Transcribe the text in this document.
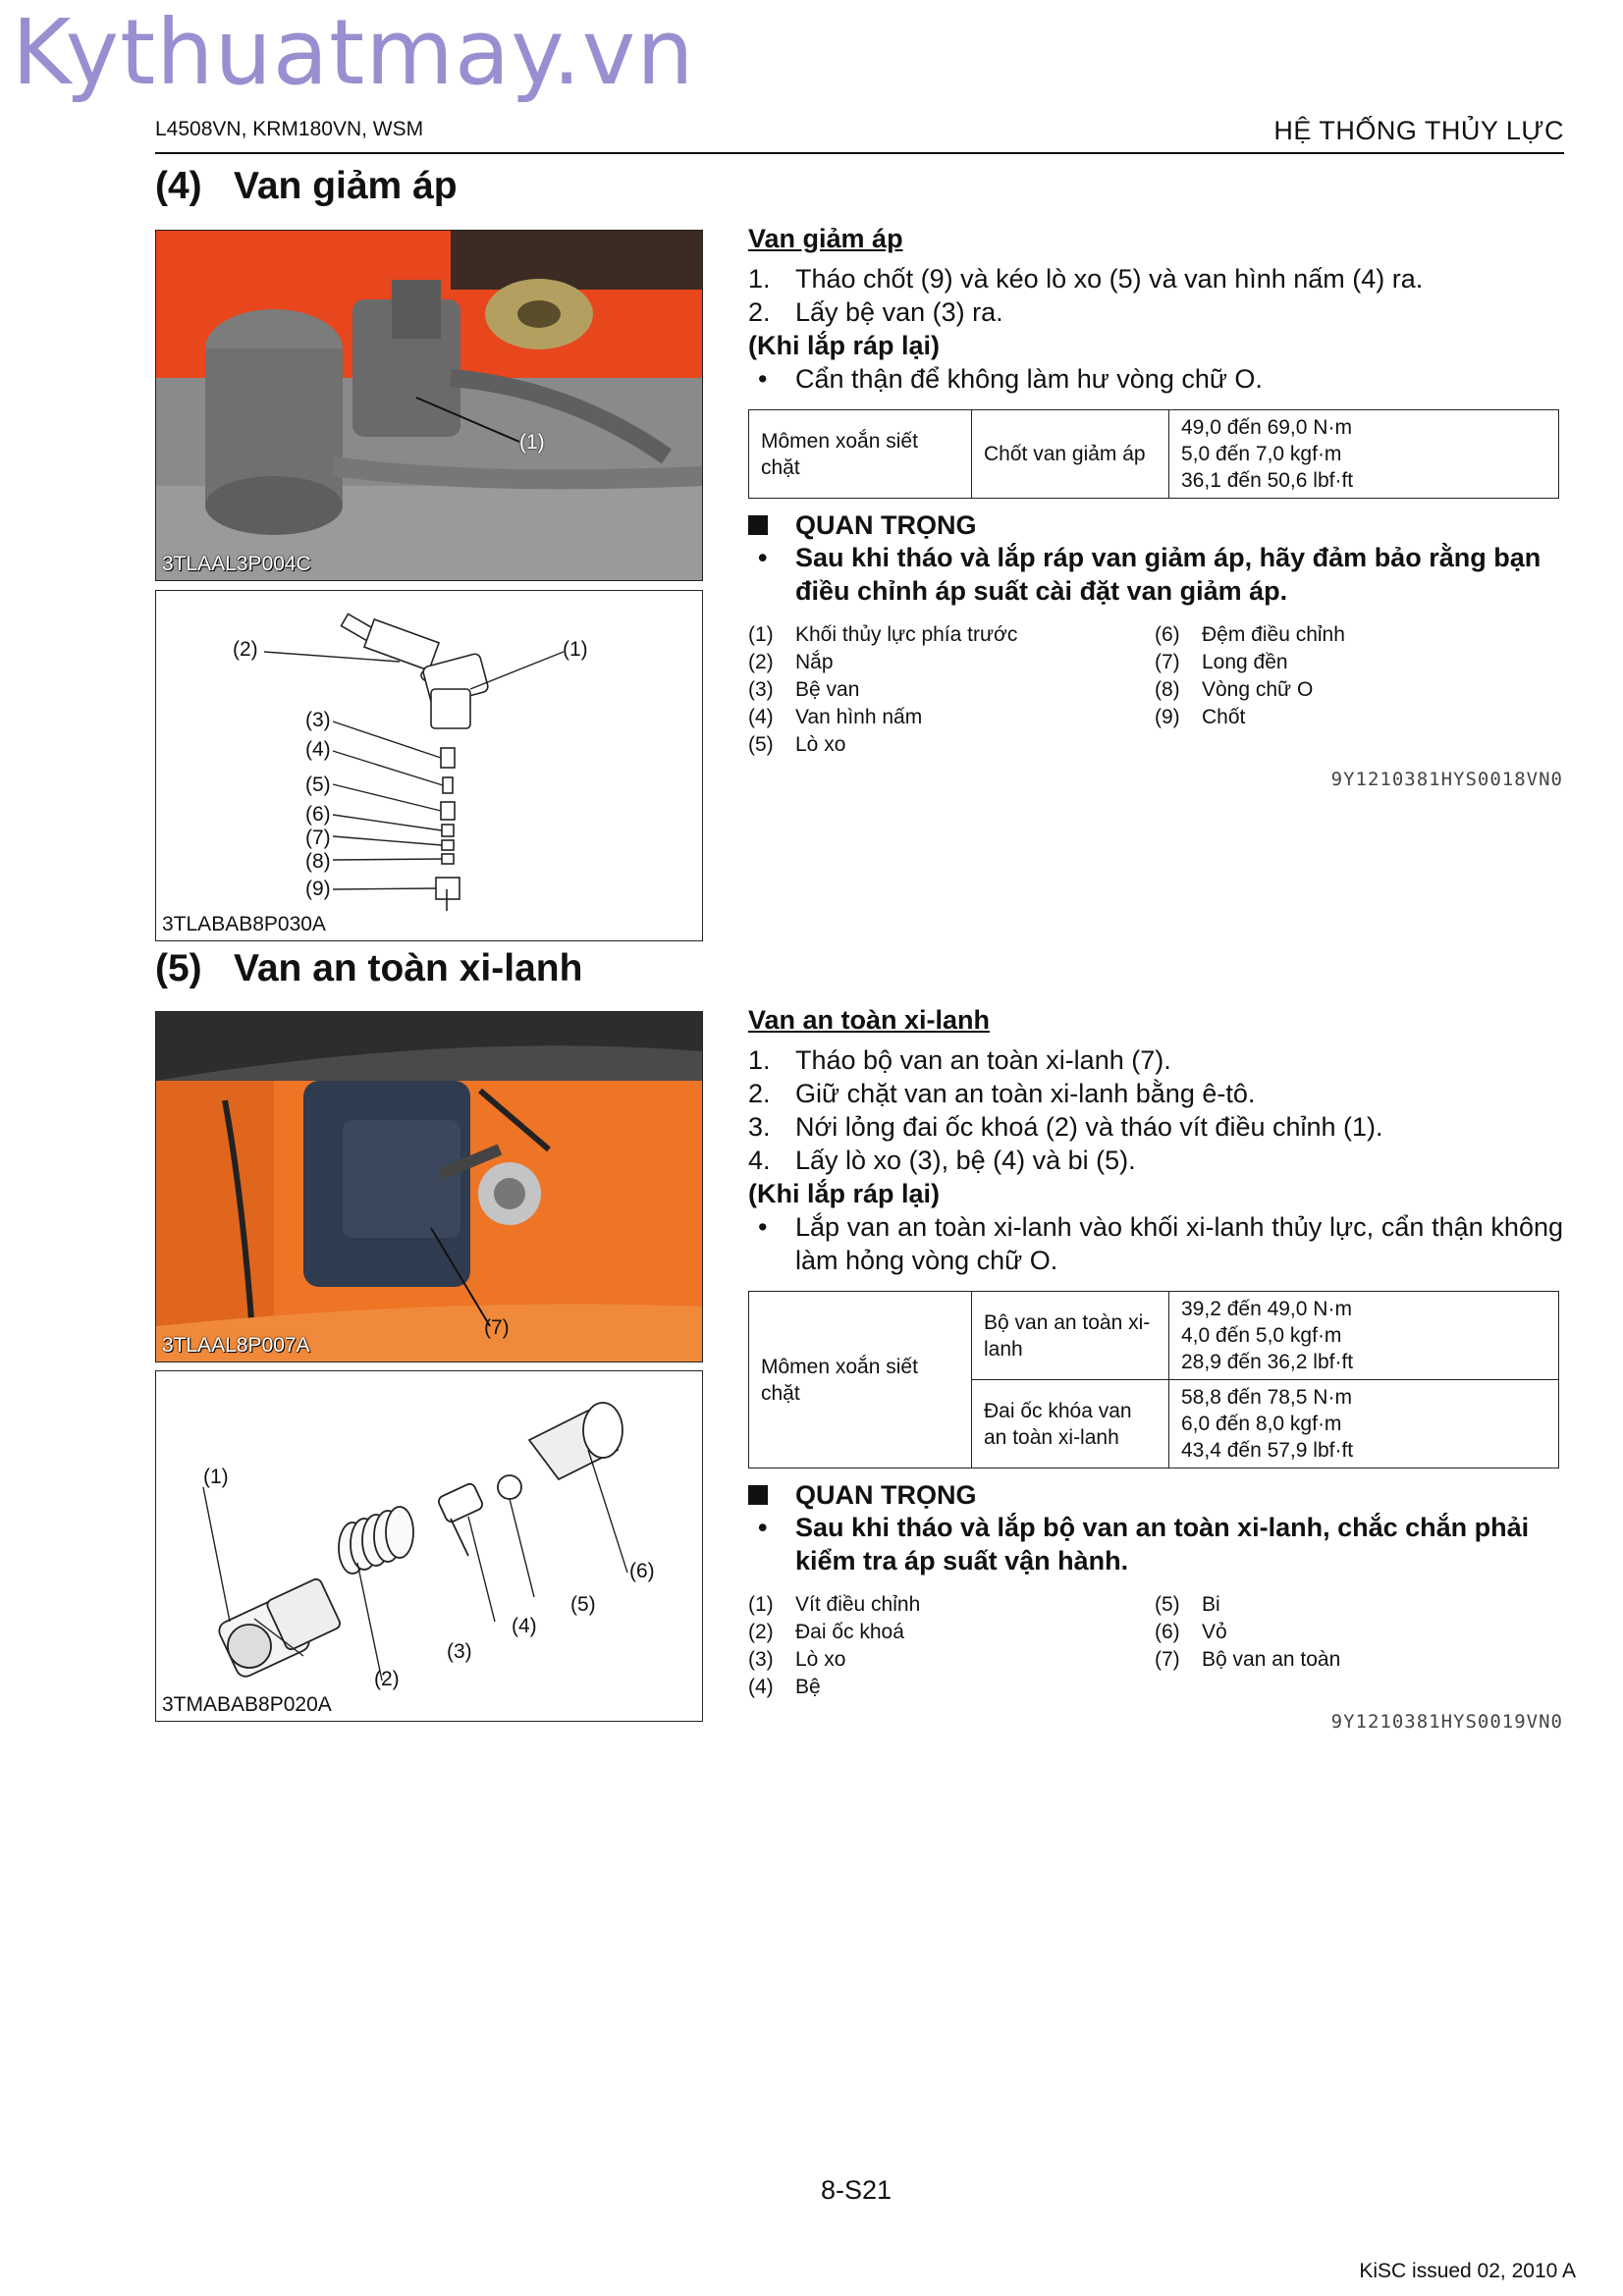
Kythuatmay.vn
L4508VN, KRM180VN, WSM	HỆ THỐNG THỦY LỰC
(4) Van giảm áp
(1)
3TLAAL3P004C
(2)	(1)
(3)
(4)
(5)
(6)
(7)
(8)
(9)
3TLABAB8P030A
Van giảm áp
1. Tháo chốt (9) và kéo lò xo (5) và van hình nấm (4) ra.
2. Lấy bệ van (3) ra.
(Khi lắp ráp lại)
•	Cẩn thận để không làm hư vòng chữ O.
Mômen xoắn siết chặt	Chốt van giảm áp	
49,0 đến 69,0 N·m
5,0 đến 7,0 kgf·m
36,1 đến 50,6 lbf·ft
QUAN TRỌNG
•	Sau khi tháo và lắp ráp van giảm áp, hãy đảm bảo rằng bạn điều chỉnh áp suất cài đặt van giảm áp.
(1)	Khối thủy lực phía trước
(2)	Nắp
(3)	Bệ van
(4)	Van hình nấm
(5)	Lò xo
(6)	Đệm điều chỉnh
(7)	Long đền
(8)	Vòng chữ O
(9)	Chốt
9Y1210381HYS0018VN0
(5) Van an toàn xi-lanh
(7)
3TLAAL8P007A
(1)
(2)
(3)
(4)
(5)
(6)
3TMABAB8P020A
Van an toàn xi-lanh
1. Tháo bộ van an toàn xi-lanh (7).
2. Giữ chặt van an toàn xi-lanh bằng ê-tô.
3. Nới lỏng đai ốc khoá (2) và tháo vít điều chỉnh (1).
4. Lấy lò xo (3), bệ (4) và bi (5).
(Khi lắp ráp lại)
•	Lắp van an toàn xi-lanh vào khối xi-lanh thủy lực, cẩn thận không làm hỏng vòng chữ O.
Mômen xoắn siết chặt	Bộ van an toàn xi-lanh	39,2 đến 49,0 N·m
4,0 đến 5,0 kgf·m
28,9 đến 36,2 lbf·ft

	Đai ốc khóa van an toàn xi-lanh	58,8 đến 78,5 N·m
6,0 đến 8,0 kgf·m
43,4 đến 57,9 lbf·ft
QUAN TRỌNG
•	Sau khi tháo và lắp bộ van an toàn xi-lanh, chắc chắn phải kiểm tra áp suất vận hành.
(1)	Vít điều chỉnh
(2)	Đai ốc khoá
(3)	Lò xo
(4)	Bệ
(5)	Bi
(6)	Vỏ
(7)	Bộ van an toàn
9Y1210381HYS0019VN0
8-S21
KiSC issued 02, 2010 A
